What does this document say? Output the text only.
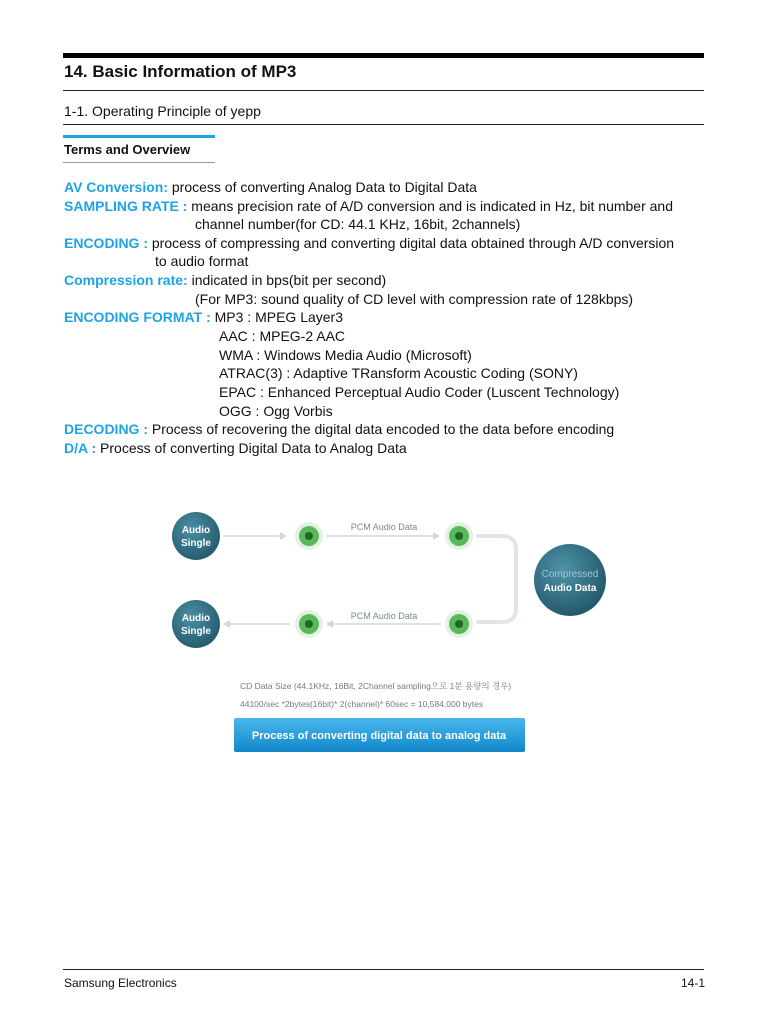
14. Basic Information of MP3
1-1. Operating Principle of yepp
Terms and Overview
AV Conversion: process of converting Analog Data to Digital Data
SAMPLING RATE : means precision rate of A/D conversion and is indicated in Hz, bit number and
channel number(for CD: 44.1 KHz, 16bit, 2channels)
ENCODING : process of compressing and converting digital data obtained through A/D conversion
to audio format
Compression rate: indicated in bps(bit per second)
(For MP3: sound quality of CD level with compression rate of 128kbps)
ENCODING FORMAT : MP3 : MPEG Layer3
AAC : MPEG-2 AAC
WMA : Windows Media Audio (Microsoft)
ATRAC(3) : Adaptive TRansform Acoustic Coding (SONY)
EPAC : Enhanced Perceptual Audio Coder (Luscent Technology)
OGG : Ogg Vorbis
DECODING : Process of recovering the digital data encoded to the data before encoding
D/A : Process of converting Digital Data to Analog Data
Audio
Single
Audio
Single
PCM Audio Data
PCM Audio Data
Compressed
Audio Data
CD Data Size (44.1KHz, 16Bit, 2Channel sampling으로 1분 용량의 경우)
44100/sec *2bytes(16bit)* 2(channel)* 60sec = 10,584,000 bytes
Process of converting digital data to analog data
Samsung Electronics	14-1
